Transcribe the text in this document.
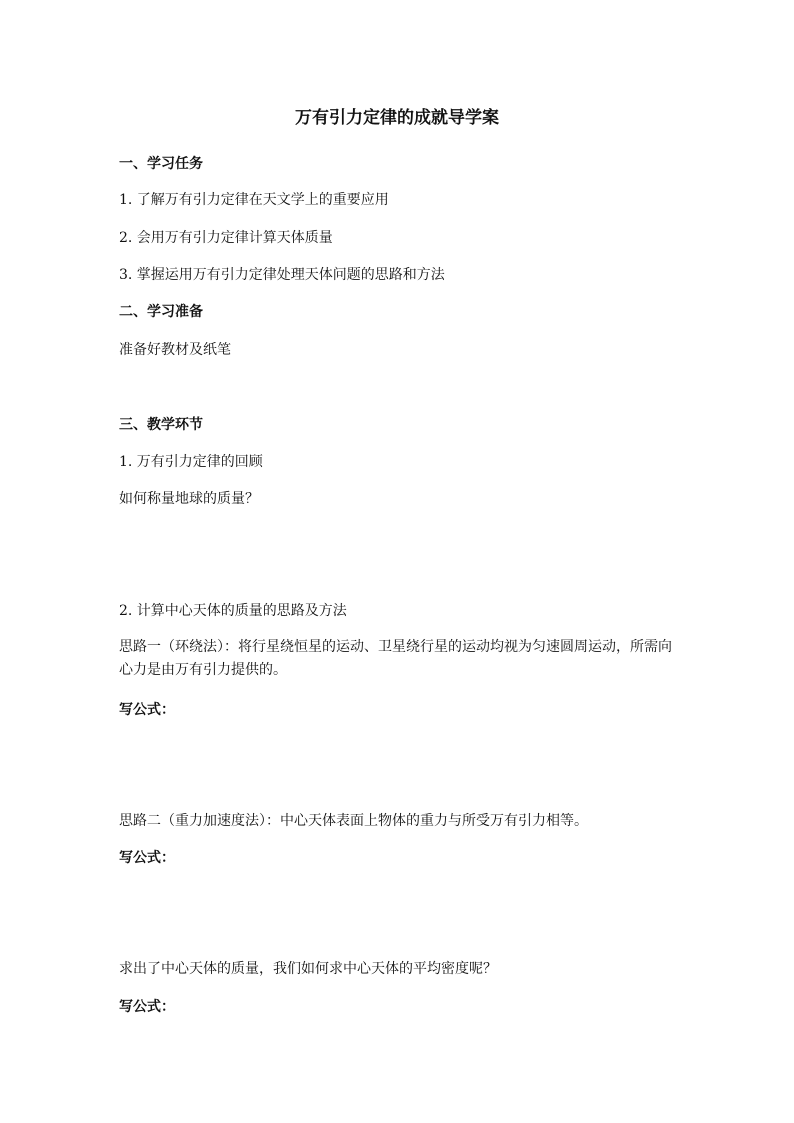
万有引力定律的成就导学案

一、学习任务

1. 了解万有引力定律在天文学上的重要应用

2. 会用万有引力定律计算天体质量

3. 掌握运用万有引力定律处理天体问题的思路和方法

二、学习准备

准备好教材及纸笔

三、教学环节

1. 万有引力定律的回顾

如何称量地球的质量？

2. 计算中心天体的质量的思路及方法

思路一（环绕法）：将行星绕恒星的运动、卫星绕行星的运动均视为匀速圆周运动，所需向心力是由万有引力提供的。

写公式：

思路二（重力加速度法）：中心天体表面上物体的重力与所受万有引力相等。

写公式：

求出了中心天体的质量，我们如何求中心天体的平均密度呢？

写公式：
